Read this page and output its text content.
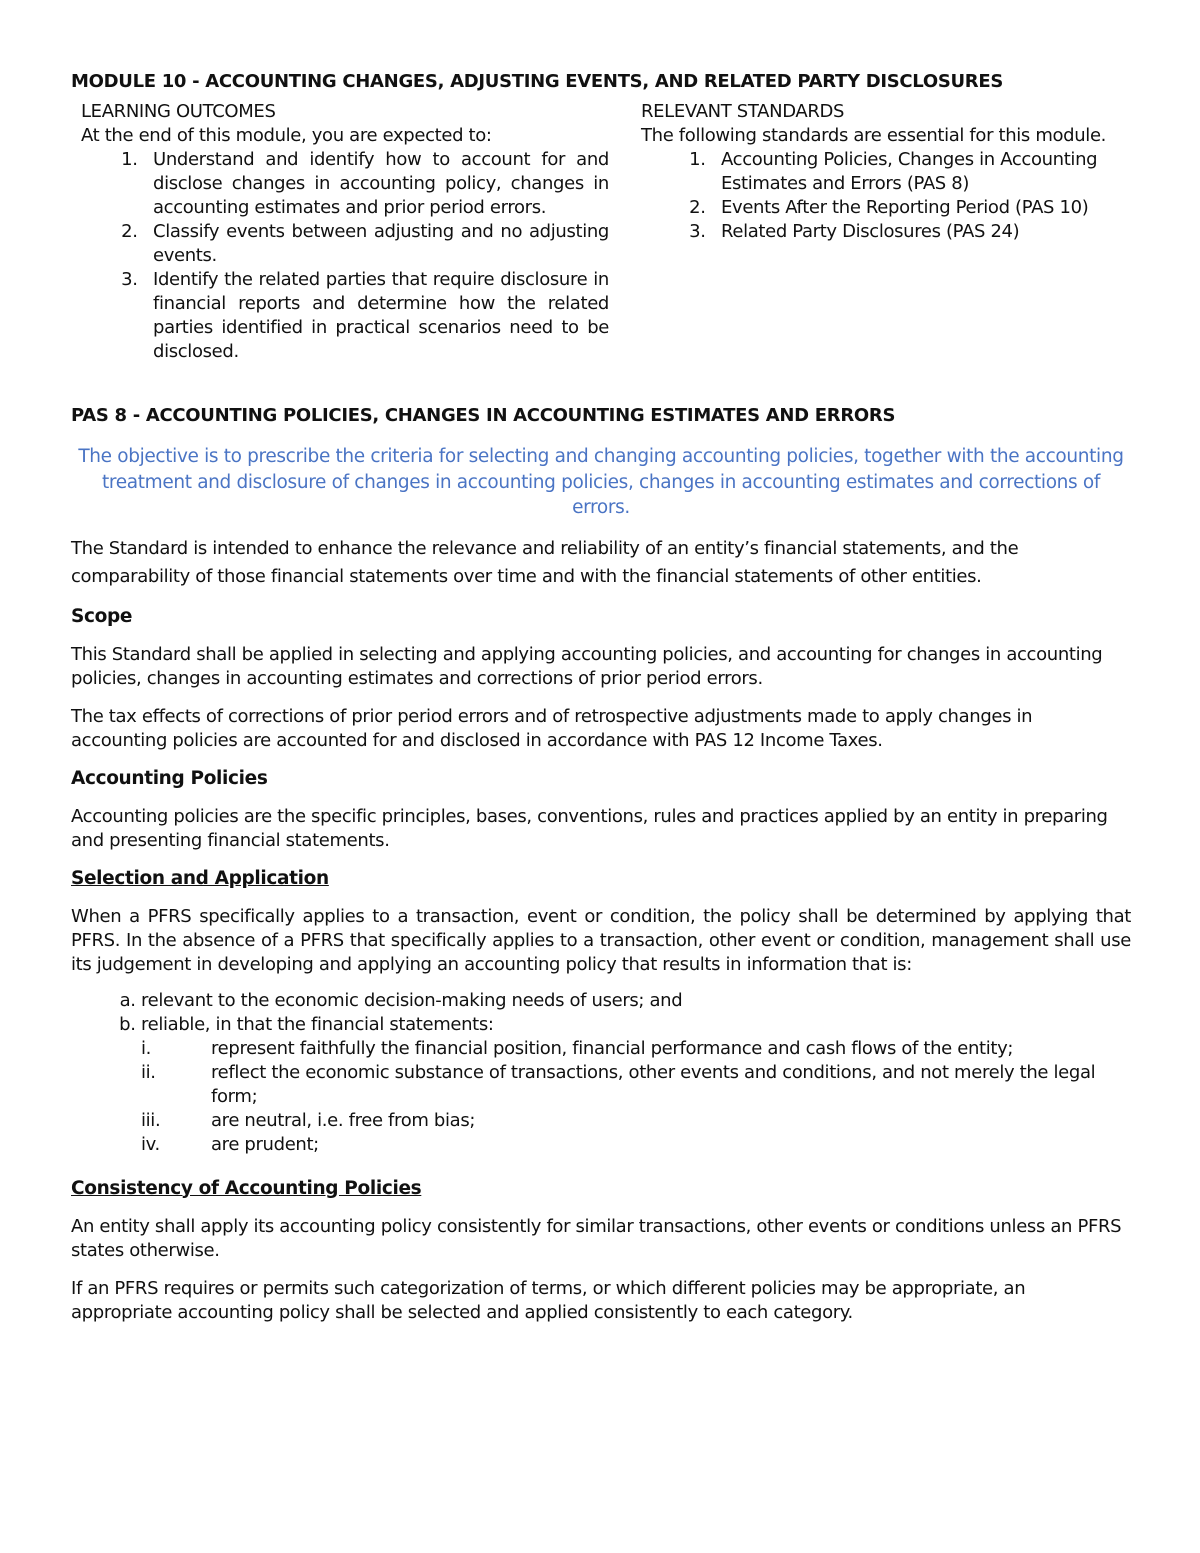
MODULE 10 - ACCOUNTING CHANGES, ADJUSTING EVENTS, AND RELATED PARTY DISCLOSURES
LEARNING OUTCOMES
At the end of this module, you are expected to:
1. Understand and identify how to account for and disclose changes in accounting policy, changes in accounting estimates and prior period errors.
2. Classify events between adjusting and no adjusting events.
3. Identify the related parties that require disclosure in financial reports and determine how the related parties identified in practical scenarios need to be disclosed.
RELEVANT STANDARDS
The following standards are essential for this module.
1. Accounting Policies, Changes in Accounting Estimates and Errors (PAS 8)
2. Events After the Reporting Period (PAS 10)
3. Related Party Disclosures (PAS 24)
PAS 8 - ACCOUNTING POLICIES, CHANGES IN ACCOUNTING ESTIMATES AND ERRORS
The objective is to prescribe the criteria for selecting and changing accounting policies, together with the accounting treatment and disclosure of changes in accounting policies, changes in accounting estimates and corrections of errors.

The Standard is intended to enhance the relevance and reliability of an entity’s financial statements, and the comparability of those financial statements over time and with the financial statements of other entities.

Scope

This Standard shall be applied in selecting and applying accounting policies, and accounting for changes in accounting policies, changes in accounting estimates and corrections of prior period errors.

The tax effects of corrections of prior period errors and of retrospective adjustments made to apply changes in accounting policies are accounted for and disclosed in accordance with PAS 12 Income Taxes.

Accounting Policies

Accounting policies are the specific principles, bases, conventions, rules and practices applied by an entity in preparing and presenting financial statements.

Selection and Application

When a PFRS specifically applies to a transaction, event or condition, the policy shall be determined by applying that PFRS. In the absence of a PFRS that specifically applies to a transaction, other event or condition, management shall use its judgement in developing and applying an accounting policy that results in information that is:

a. relevant to the economic decision-making needs of users; and
b. reliable, in that the financial statements:
i.	represent faithfully the financial position, financial performance and cash flows of the entity;
ii.	reflect the economic substance of transactions, other events and conditions, and not merely the legal form;
iii.	are neutral, i.e. free from bias;
iv.	are prudent;
Consistency of Accounting Policies

An entity shall apply its accounting policy consistently for similar transactions, other events or conditions unless an PFRS states otherwise.

If an PFRS requires or permits such categorization of terms, or which different policies may be appropriate, an appropriate accounting policy shall be selected and applied consistently to each category.
